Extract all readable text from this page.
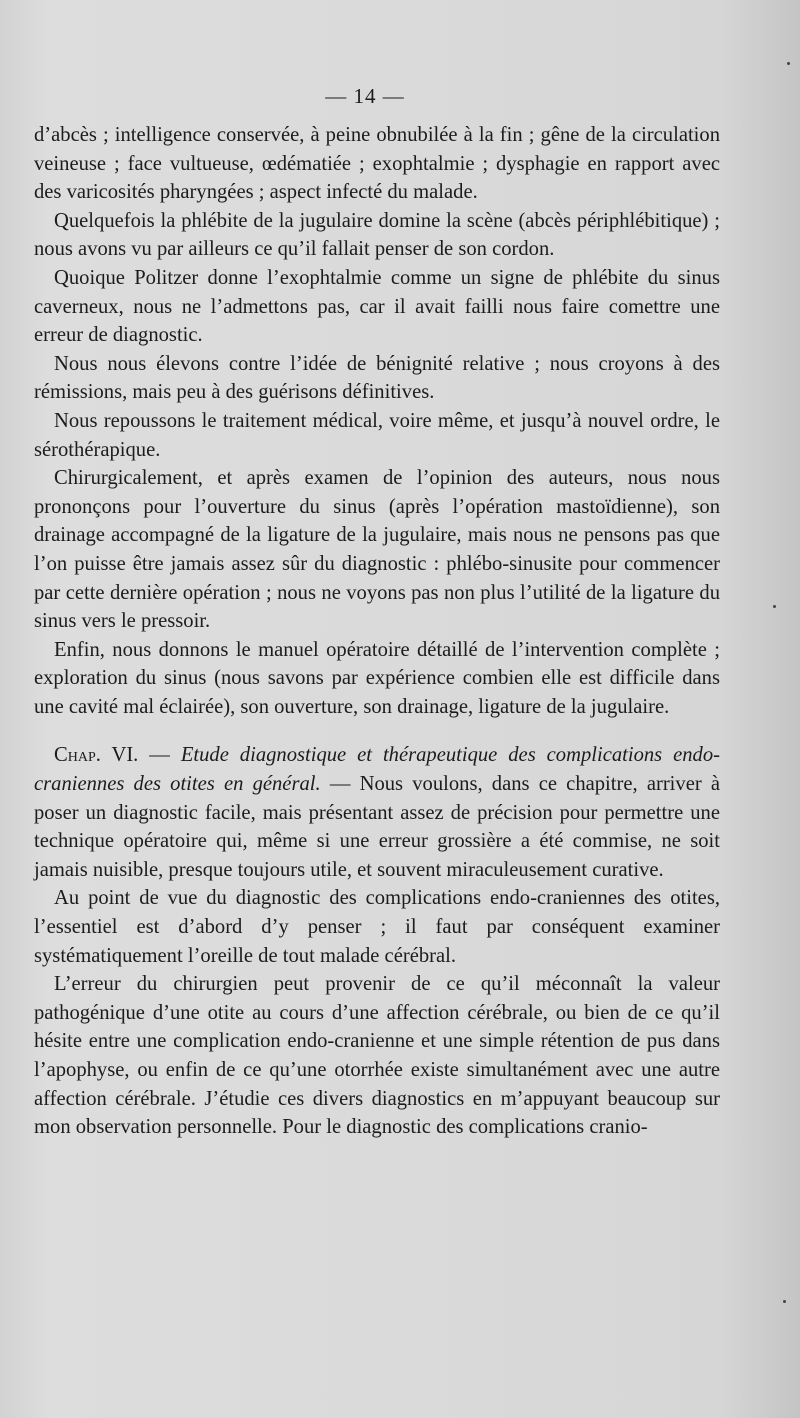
— 14 —

d’abcès ; intelligence conservée, à peine obnubilée à la fin ; gêne de la circulation veineuse ; face vultueuse, œdématiée ; exophtalmie ; dysphagie en rapport avec des varicosités pharyngées ; aspect infecté du malade.

Quelquefois la phlébite de la jugulaire domine la scène (abcès périphlébitique) ; nous avons vu par ailleurs ce qu’il fallait penser de son cordon.

Quoique Politzer donne l’exophtalmie comme un signe de phlébite du sinus caverneux, nous ne l’admettons pas, car il avait failli nous faire comettre une erreur de diagnostic.

Nous nous élevons contre l’idée de bénignité relative ; nous croyons à des rémissions, mais peu à des guérisons définitives.

Nous repoussons le traitement médical, voire même, et jusqu’à nouvel ordre, le sérothérapique.

Chirurgicalement, et après examen de l’opinion des auteurs, nous nous prononçons pour l’ouverture du sinus (après l’opération mastoïdienne), son drainage accompagné de la ligature de la jugulaire, mais nous ne pensons pas que l’on puisse être jamais assez sûr du diagnostic : phlébo-sinusite pour commencer par cette dernière opération ; nous ne voyons pas non plus l’utilité de la ligature du sinus vers le pressoir.

Enfin, nous donnons le manuel opératoire détaillé de l’intervention complète ; exploration du sinus (nous savons par expérience combien elle est difficile dans une cavité mal éclairée), son ouverture, son drainage, ligature de la jugulaire.

Chap. VI. — Etude diagnostique et thérapeutique des complications endo-craniennes des otites en général. — Nous voulons, dans ce chapitre, arriver à poser un diagnostic facile, mais présentant assez de précision pour permettre une technique opératoire qui, même si une erreur grossière a été commise, ne soit jamais nuisible, presque toujours utile, et souvent miraculeusement curative.

Au point de vue du diagnostic des complications endo-craniennes des otites, l’essentiel est d’abord d’y penser ; il faut par conséquent examiner systématiquement l’oreille de tout malade cérébral.

L’erreur du chirurgien peut provenir de ce qu’il méconnaît la valeur pathogénique d’une otite au cours d’une affection cérébrale, ou bien de ce qu’il hésite entre une complication endo-cranienne et une simple rétention de pus dans l’apophyse, ou enfin de ce qu’une otorrhée existe simultanément avec une autre affection cérébrale. J’étudie ces divers diagnostics en m’appuyant beaucoup sur mon observation personnelle. Pour le diagnostic des complications cranio-
